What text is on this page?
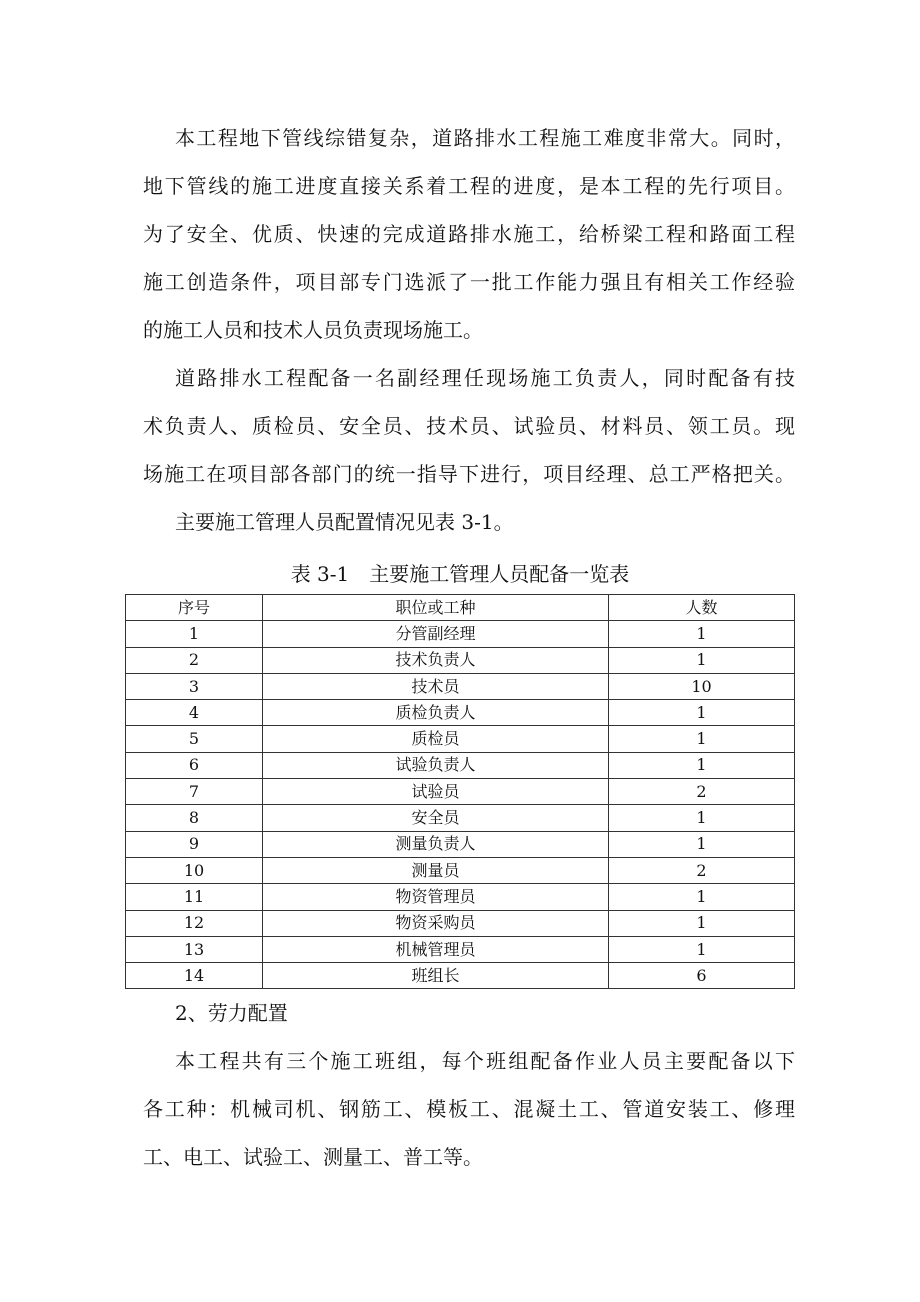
本工程地下管线综错复杂，道路排水工程施工难度非常大。同时，
地下管线的施工进度直接关系着工程的进度，是本工程的先行项目。
为了安全、优质、快速的完成道路排水施工，给桥梁工程和路面工程
施工创造条件，项目部专门选派了一批工作能力强且有相关工作经验
的施工人员和技术人员负责现场施工。
道路排水工程配备一名副经理任现场施工负责人，同时配备有技
术负责人、质检员、安全员、技术员、试验员、材料员、领工员。现
场施工在项目部各部门的统一指导下进行，项目经理、总工严格把关。
主要施工管理人员配置情况见表 3-1。
表 3-1　主要施工管理人员配备一览表
序号	职位或工种	人数
1	分管副经理	1
2	技术负责人	1
3	技术员	10
4	质检负责人	1
5	质检员	1
6	试验负责人	1
7	试验员	2
8	安全员	1
9	测量负责人	1
10	测量员	2
11	物资管理员	1
12	物资采购员	1
13	机械管理员	1
14	班组长	6
2、劳力配置
本工程共有三个施工班组，每个班组配备作业人员主要配备以下
各工种：机械司机、钢筋工、模板工、混凝土工、管道安装工、修理
工、电工、试验工、测量工、普工等。
